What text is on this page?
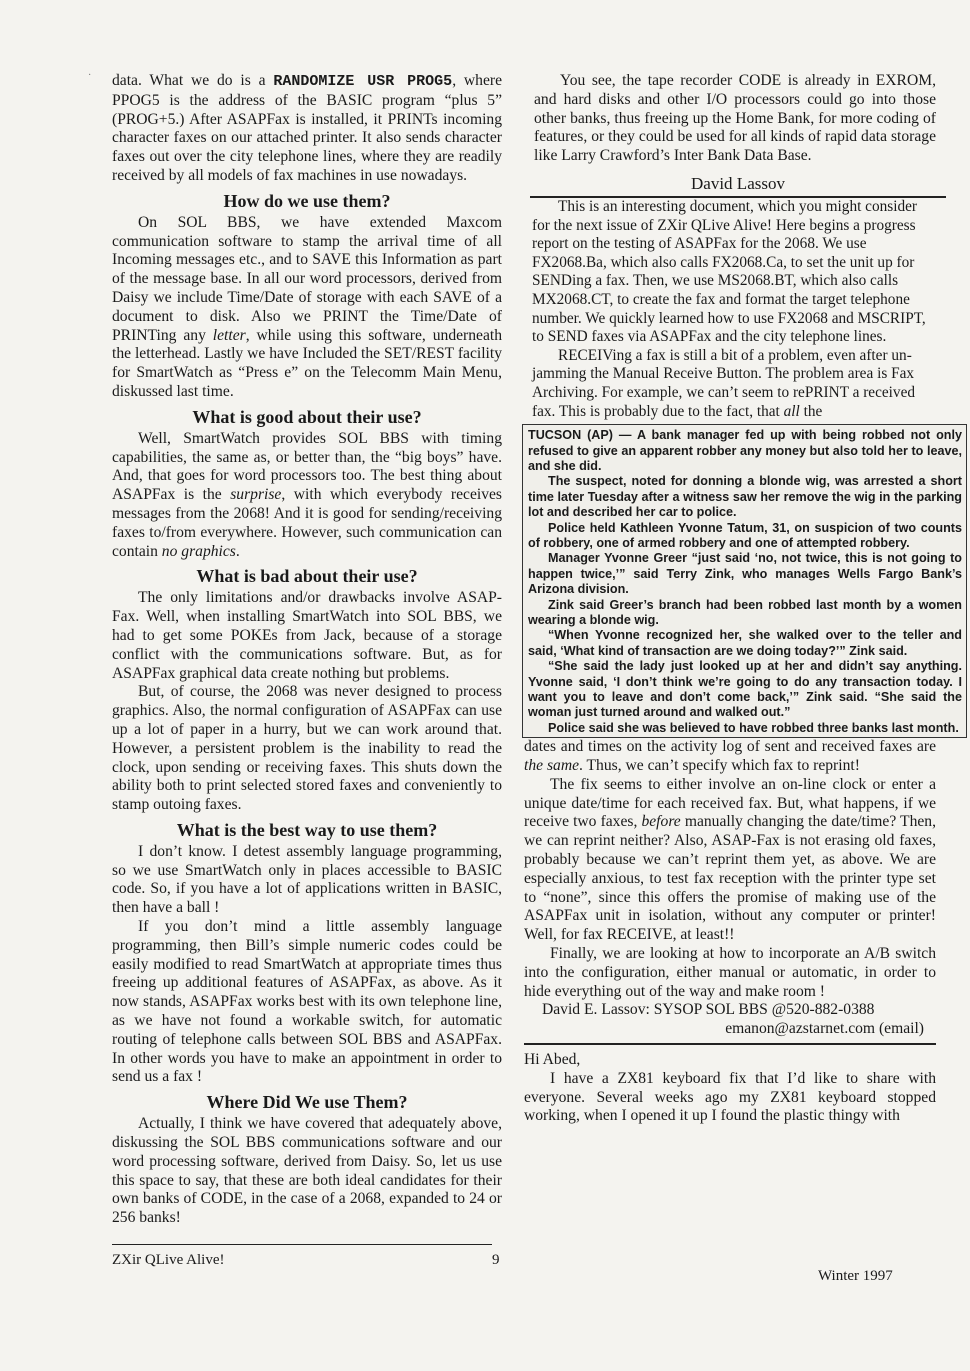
· data. What we do is a RANDOMIZE USR PROG5, where PPOG5 is the address of the BASIC program “plus 5” (PROG+5.) After ASAPFax is installed, it PRINTs incoming character faxes on our attached printer. It also sends character faxes out over the city telephone lines, where they are readily received by all models of fax machines in use nowadays.

How do we use them?

On SOL BBS, we have extended Maxcom communication software to stamp the arrival time of all Incoming messages etc., and to SAVE this Information as part of the message base. In all our word processors, derived from Daisy we include Time/Date of storage with each SAVE of a document to disk. Also we PRINT the Time/Date of PRINTing any letter, while using this software, underneath the letterhead. Lastly we have Included the SET/REST facility for SmartWatch as “Press e” on the Telecomm Main Menu, diskussed last time.

What is good about their use?

Well, SmartWatch provides SOL BBS with timing capabilities, the same as, or better than, the “big boys” have. And, that goes for word processors too. The best thing about ASAPFax is the surprise, with which everybody receives messages from the 2068! And it is good for sending/receiving faxes to/from everywhere. However, such communication can contain no graphics.

What is bad about their use?

The only limitations and/or drawbacks involve ASAP-Fax. Well, when installing SmartWatch into SOL BBS, we had to get some POKEs from Jack, because of a storage conflict with the communications software. But, as for ASAPFax graphical data create nothing but problems.

But, of course, the 2068 was never designed to process graphics. Also, the normal configuration of ASAPFax can use up a lot of paper in a hurry, but we can work around that. However, a persistent problem is the inability to read the clock, upon sending or receiving faxes. This shuts down the ability both to print selected stored faxes and conveniently to stamp outoing faxes.

What is the best way to use them?

I don’t know. I detest assembly language programming, so we use SmartWatch only in places accessible to BASIC code. So, if you have a lot of applications written in BASIC, then have a ball !

If you don’t mind a little assembly language programming, then Bill’s simple numeric codes could be easily modified to read SmartWatch at appropriate times thus freeing up additional features of ASAPFax, as above. As it now stands, ASAPFax works best with its own telephone line, as we have not found a workable switch, for automatic routing of telephone calls between SOL BBS and ASAPFax. In other words you have to make an appointment in order to send us a fax !

Where Did We use Them?

Actually, I think we have covered that adequately above, diskussing the SOL BBS communications software and our word processing software, derived from Daisy. So, let us use this space to say, that these are both ideal candidates for their own banks of CODE, in the case of a 2068, expanded to 24 or 256 banks!

You see, the tape recorder CODE is already in EXROM, and hard disks and other I/O processors could go into those other banks, thus freeing up the Home Bank, for more coding of features, or they could be used for all kinds of rapid data storage like Larry Crawford’s Inter Bank Data Base.

David Lassov

This is an interesting document, which you might consider for the next issue of ZXir QLive Alive! Here begins a progress report on the testing of ASAPFax for the 2068. We use FX2068.Ba, which also calls FX2068.Ca, to set the unit up for SENDing a fax. Then, we use MS2068.BT, which also calls MX2068.CT, to create the fax and format the target telephone number. We quickly learned how to use FX2068 and MSCRIPT, to SEND faxes via ASAPFax and the city telephone lines.

RECEIVing a fax is still a bit of a problem, even after un-jamming the Manual Receive Button. The problem area is Fax Archiving. For example, we can’t seem to rePRINT a received fax. This is probably due to the fact, that all the

TUCSON (AP) — A bank manager fed up with being robbed not only refused to give an apparent robber any money but also told her to leave, and she did.

The suspect, noted for donning a blonde wig, was arrested a short time later Tuesday after a witness saw her remove the wig in the parking lot and described her car to police.

Police held Kathleen Yvonne Tatum, 31, on suspicion of two counts of robbery, one of armed robbery and one of attempted robbery.

Manager Yvonne Greer “just said ‘no, not twice, this is not going to happen twice,’” said Terry Zink, who manages Wells Fargo Bank’s Arizona division.

Zink said Greer’s branch had been robbed last month by a women wearing a blonde wig.

“When Yvonne recognized her, she walked over to the teller and said, ‘What kind of transaction are we doing today?’” Zink said.

“She said the lady just looked up at her and didn’t say anything. Yvonne said, ‘I don’t think we’re going to do any transaction today. I want you to leave and don’t come back,’” Zink said. “She said the woman just turned around and walked out.”

Police said she was believed to have robbed three banks last month.

dates and times on the activity log of sent and received faxes are the same. Thus, we can’t specify which fax to reprint!

The fix seems to either involve an on-line clock or enter a unique date/time for each received fax. But, what happens, if we receive two faxes, before manually changing the date/time? Then, we can reprint neither? Also, ASAP-Fax is not erasing old faxes, probably because we can’t reprint them yet, as above. We are especially anxious, to test fax reception with the printer type set to “none”, since this offers the promise of making use of the ASAPFax unit in isolation, without any computer or printer! Well, for fax RECEIVE, at least!!

Finally, we are looking at how to incorporate an A/B switch into the configuration, either manual or automatic, in order to hide everything out of the way and make room !

David E. Lassov: SYSOP SOL BBS @520-882-0388

emanon@azstarnet.com (email)

Hi Abed,

I have a ZX81 keyboard fix that I’d like to share with everyone. Several weeks ago my ZX81 keyboard stopped working, when I opened it up I found the plastic thingy with

ZXir QLive Alive!	9
Winter 1997
